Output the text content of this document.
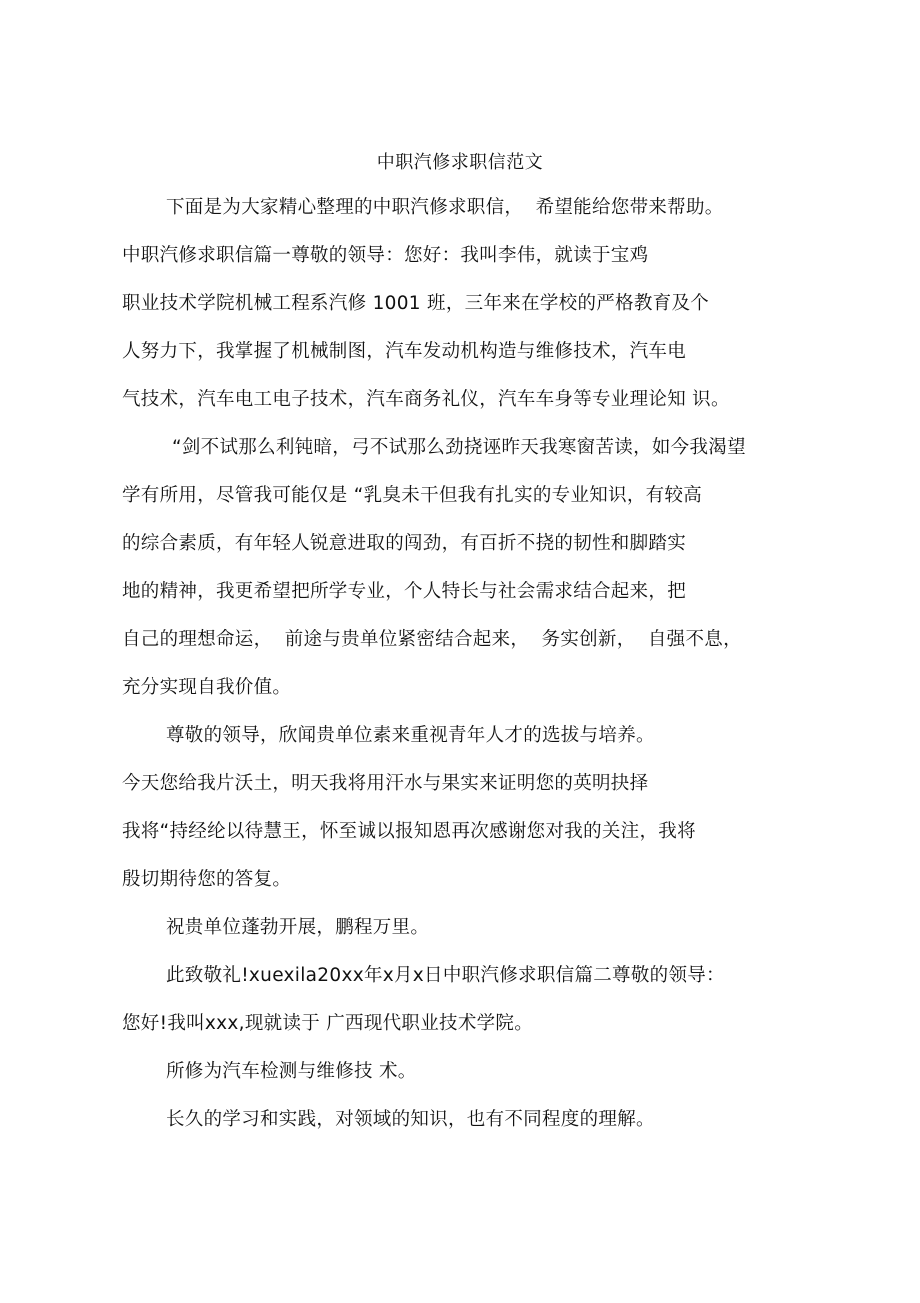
中职汽修求职信范文
下面是为大家精心整理的中职汽修求职信，  希望能给您带来帮助。
中职汽修求职信篇一尊敬的领导：您好：我叫李伟，就读于宝鸡
职业技术学院机械工程系汽修 1001 班，三年来在学校的严格教育及个
人努力下，我掌握了机械制图，汽车发动机构造与维修技术，汽车电
气技术，汽车电工电子技术，汽车商务礼仪，汽车车身等专业理论知 识。
“剑不试那么利钝暗，弓不试那么劲挠诬昨天我寒窗苦读，如今我渴望
学有所用，尽管我可能仅是 “乳臭未干但我有扎实的专业知识，有较高
的综合素质，有年轻人锐意进取的闯劲，有百折不挠的韧性和脚踏实
地的精神，我更希望把所学专业，个人特长与社会需求结合起来，把
自己的理想命运，  前途与贵单位紧密结合起来，  务实创新，  自强不息，
充分实现自我价值。
尊敬的领导，欣闻贵单位素来重视青年人才的选拔与培养。
今天您给我片沃土，明天我将用汗水与果实来证明您的英明抉择
我将“持经纶以待慧王，怀至诚以报知恩再次感谢您对我的关注，我将
殷切期待您的答复。
祝贵单位蓬勃开展，鹏程万里。
此致敬礼!xuexila20xx年x月x日中职汽修求职信篇二尊敬的领导：
您好!我叫xxx,现就读于 广西现代职业技术学院。
所修为汽车检测与维修技 术。
长久的学习和实践，对领域的知识，也有不同程度的理解。
